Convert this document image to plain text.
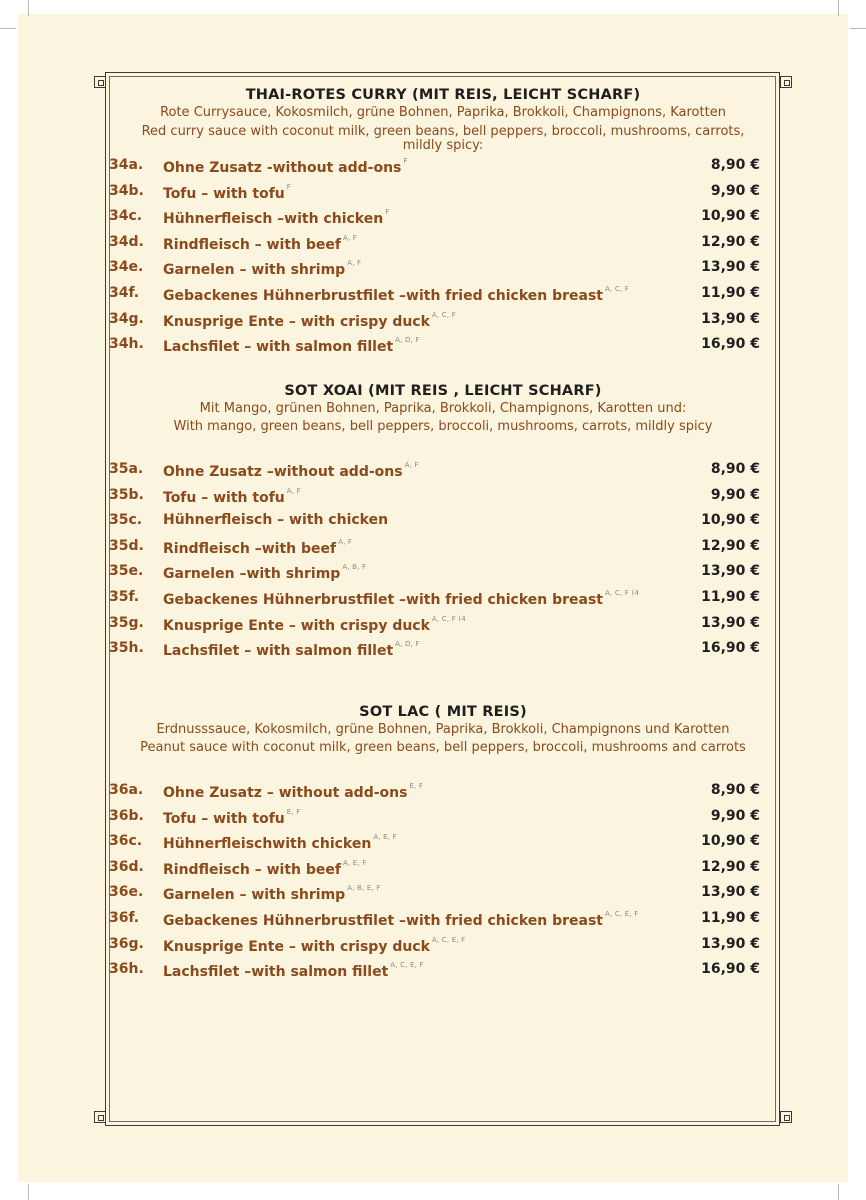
THAI-ROTES CURRY (MIT REIS, LEICHT SCHARF)
Rote Currysauce, Kokosmilch, grüne Bohnen, Paprika, Brokkoli, Champignons, Karotten
Red curry sauce with coconut milk, green beans, bell peppers, broccoli, mushrooms, carrots,
mildly spicy:
34a. Ohne Zusatz -without add-ons $^F$	8,90 €
34b. Tofu – with tofu $^F$	9,90 €
34c. Hühnerfleisch –with chicken $^F$	10,90 €
34d. Rindfleisch – with beef $^{A, F}$	12,90 €
34e. Garnelen – with shrimp $^{A, F}$	13,90 €
34f. Gebackenes Hühnerbrustfilet –with fried chicken breast $^{A, C, F}$	11,90 €
34g. Knusprige Ente – with crispy duck $^{A, C, F}$	13,90 €
34h. Lachsfilet – with salmon fillet $^{A, D, F}$	16,90 €
SOT XOAI (MIT REIS , LEICHT SCHARF)
Mit Mango, grünen Bohnen, Paprika, Brokkoli, Champignons, Karotten und:
With mango, green beans, bell peppers, broccoli, mushrooms, carrots, mildly spicy
35a. Ohne Zusatz –without add-ons $^{A, F}$	8,90 €
35b. Tofu – with tofu $^{A, F}$	9,90 €
35c. Hühnerfleisch – with chicken	10,90 €
35d. Rindfleisch –with beef $^{A, F}$	12,90 €
35e. Garnelen –with shrimp $^{A, B, F}$	13,90 €
35f. Gebackenes Hühnerbrustfilet –with fried chicken breast $^{A, C, F (4}$	11,90 €
35g. Knusprige Ente – with crispy duck $^{A, C, F (4}$	13,90 €
35h. Lachsfilet – with salmon fillet $^{A, D, F}$	16,90 €
SOT LAC ( MIT REIS)
Erdnusssauce, Kokosmilch, grüne Bohnen, Paprika, Brokkoli, Champignons und Karotten
Peanut sauce with coconut milk, green beans, bell peppers, broccoli, mushrooms and carrots
36a. Ohne Zusatz – without add-ons $^{E, F}$	8,90 €
36b. Tofu – with tofu $^{E, F}$	9,90 €
36c. Hühnerfleischwith chicken $^{A, E, F}$	10,90 €
36d. Rindfleisch – with beef $^{A, E, F}$	12,90 €
36e. Garnelen – with shrimp $^{A, B, E, F}$	13,90 €
36f. Gebackenes Hühnerbrustfilet –with fried chicken breast $^{A, C, E, F}$	11,90 €
36g. Knusprige Ente – with crispy duck $^{A, C, E, F}$	13,90 €
36h. Lachsfilet –with salmon fillet $^{A, C, E, F}$	16,90 €
